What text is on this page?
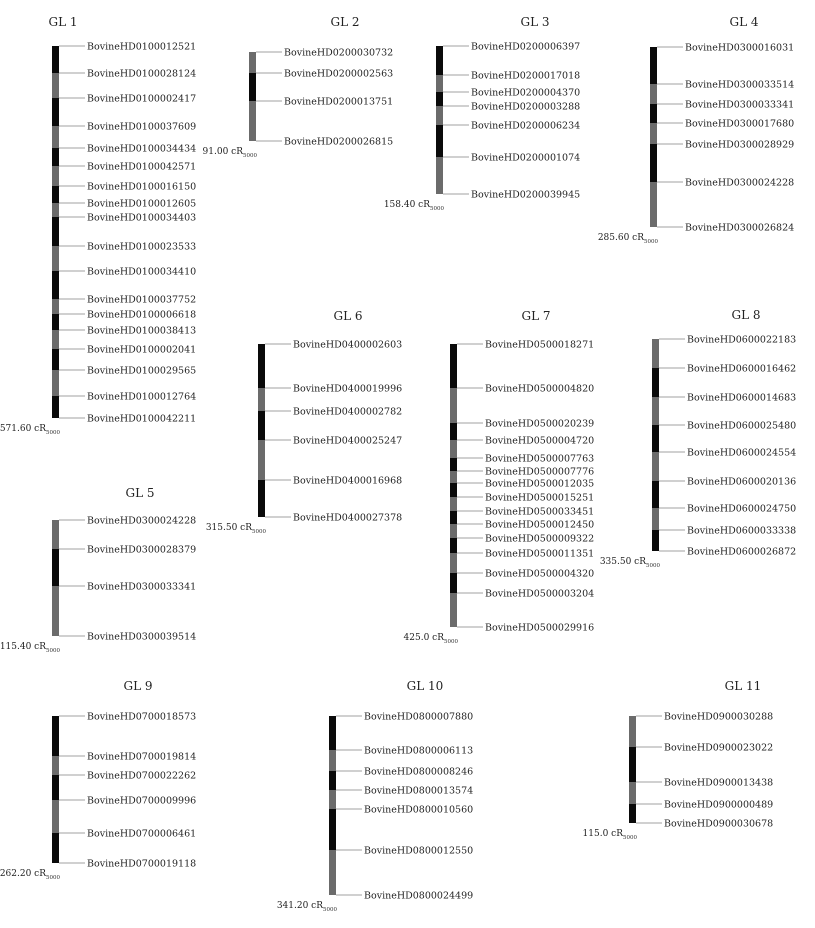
GL 1
BovineHD0100012521
BovineHD0100028124
BovineHD0100002417
BovineHD0100037609
BovineHD0100034434
BovineHD0100042571
BovineHD0100016150
BovineHD0100012605
BovineHD0100034403
BovineHD0100023533
BovineHD0100034410
BovineHD0100037752
BovineHD0100006618
BovineHD0100038413
BovineHD0100002041
BovineHD0100029565
BovineHD0100012764
BovineHD0100042211
571.60 $cR_{5000}$
GL 2
BovineHD0200030732
BovineHD0200002563
BovineHD0200013751
BovineHD0200026815
91.00 $cR_{5000}$
GL 3
BovineHD0200006397
BovineHD0200017018
BovineHD0200004370
BovineHD0200003288
BovineHD0200006234
BovineHD0200001074
BovineHD0200039945
158.40 $cR_{5000}$
GL 4
BovineHD0300016031
BovineHD0300033514
BovineHD0300033341
BovineHD0300017680
BovineHD0300028929
BovineHD0300024228
BovineHD0300026824
285.60 $cR_{5000}$
GL 5
BovineHD0300024228
BovineHD0300028379
BovineHD0300033341
BovineHD0300039514
115.40 $cR_{5000}$
GL 6
BovineHD0400002603
BovineHD0400019996
BovineHD0400002782
BovineHD0400025247
BovineHD0400016968
BovineHD0400027378
315.50 $cR_{5000}$
GL 7
BovineHD0500018271
BovineHD0500004820
BovineHD0500020239
BovineHD0500004720
BovineHD0500007763
BovineHD0500007776
BovineHD0500012035
BovineHD0500015251
BovineHD0500033451
BovineHD0500012450
BovineHD0500009322
BovineHD0500011351
BovineHD0500004320
BovineHD0500003204
BovineHD0500029916
425.0 $cR_{5000}$
GL 8
BovineHD0600022183
BovineHD0600016462
BovineHD0600014683
BovineHD0600025480
BovineHD0600024554
BovineHD0600020136
BovineHD0600024750
BovineHD0600033338
BovineHD0600026872
335.50 $cR_{5000}$
GL 9
BovineHD0700018573
BovineHD0700019814
BovineHD0700022262
BovineHD0700009996
BovineHD0700006461
BovineHD0700019118
262.20 $cR_{5000}$
GL 10
BovineHD0800007880
BovineHD0800006113
BovineHD0800008246
BovineHD0800013574
BovineHD0800010560
BovineHD0800012550
BovineHD0800024499
341.20 $cR_{5000}$
GL 11
BovineHD0900030288
BovineHD0900023022
BovineHD0900013438
BovineHD0900000489
BovineHD0900030678
115.0 $cR_{5000}$
